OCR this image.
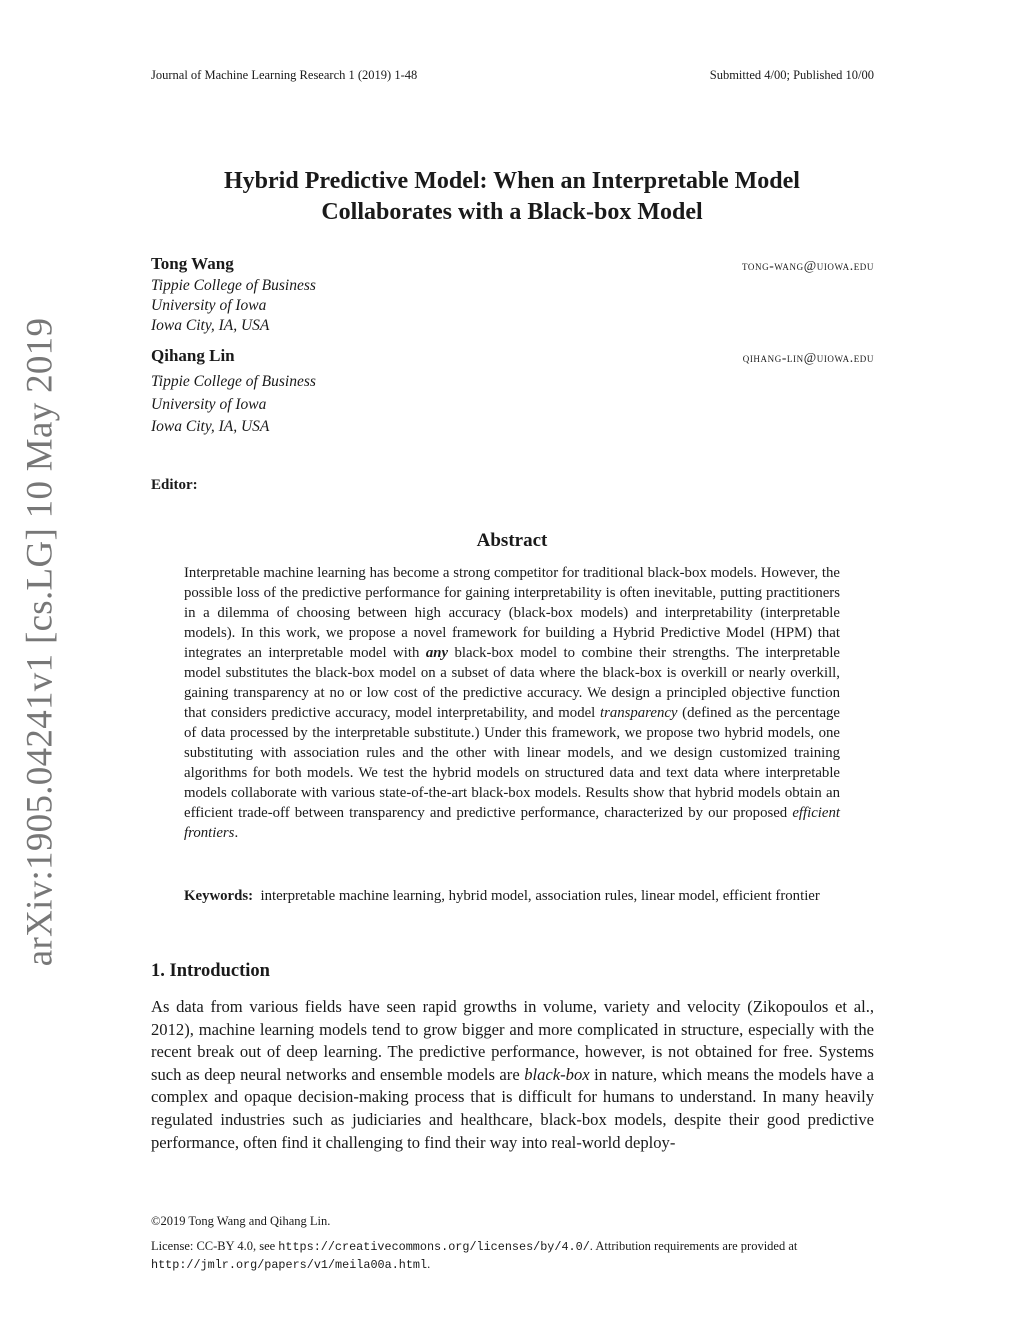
Journal of Machine Learning Research 1 (2019) 1-48	Submitted 4/00; Published 10/00
arXiv:1905.04241v1 [cs.LG] 10 May 2019
Hybrid Predictive Model: When an Interpretable Model
Collaborates with a Black-box Model
Tong Wang	tong-wang@uiowa.edu
Tippie College of Business
University of Iowa
Iowa City, IA, USA
Qihang Lin	qihang-lin@uiowa.edu
Tippie College of Business
University of Iowa
Iowa City, IA, USA
Editor:
Abstract
Interpretable machine learning has become a strong competitor for traditional black-box models. However, the possible loss of the predictive performance for gaining interpretability is often inevitable, putting practitioners in a dilemma of choosing between high accuracy (black-box models) and interpretability (interpretable models). In this work, we propose a novel framework for building a Hybrid Predictive Model (HPM) that integrates an interpretable model with any black-box model to combine their strengths. The interpretable model substitutes the black-box model on a subset of data where the black-box is overkill or nearly overkill, gaining transparency at no or low cost of the predictive accuracy. We design a principled objective function that considers predictive accuracy, model interpretability, and model transparency (defined as the percentage of data processed by the interpretable substitute.) Under this framework, we propose two hybrid models, one substituting with association rules and the other with linear models, and we design customized training algorithms for both models. We test the hybrid models on structured data and text data where interpretable models collaborate with various state-of-the-art black-box models. Results show that hybrid models obtain an efficient trade-off between transparency and predictive performance, characterized by our proposed efficient frontiers.
Keywords: interpretable machine learning, hybrid model, association rules, linear model, efficient frontier
1. Introduction
As data from various fields have seen rapid growths in volume, variety and velocity (Zikopoulos et al., 2012), machine learning models tend to grow bigger and more complicated in structure, especially with the recent break out of deep learning. The predictive performance, however, is not obtained for free. Systems such as deep neural networks and ensemble models are black-box in nature, which means the models have a complex and opaque decision-making process that is difficult for humans to understand. In many heavily regulated industries such as judiciaries and healthcare, black-box models, despite their good predictive performance, often find it challenging to find their way into real-world deploy-
©2019 Tong Wang and Qihang Lin.
License: CC-BY 4.0, see https://creativecommons.org/licenses/by/4.0/. Attribution requirements are provided at http://jmlr.org/papers/v1/meila00a.html.
